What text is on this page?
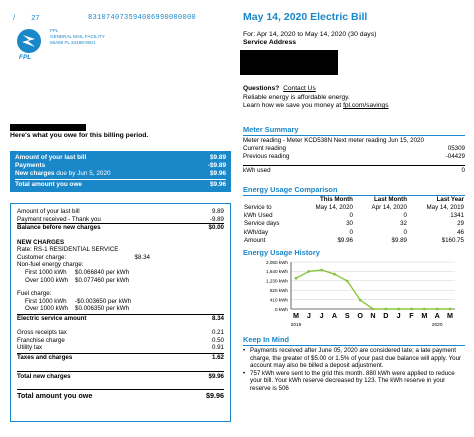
/ 27	831074073594006990000000
FPL
FPL
GENERAL MAIL FACILITY
MIAMI FL 33188-0001
May 14, 2020 Electric Bill
For: Apr 14, 2020 to May 14, 2020 (30 days)
Service Address
Questions? Contact Us
Reliable energy is affordable energy.
Learn how we save you money at fpl.com/savings
Here's what you owe for this billing period.
Amount of your last bill	$9.89
Payments	-$9.89
New charges due by Jun 5, 2020	$9.96
Total amount you owe	$9.96
Amount of your last bill	9.89
Payment received - Thank you	-9.89
Balance before new charges	$0.00
NEW CHARGES
Rate: RS-1 RESIDENTIAL SERVICE
Customer charge:	$8.34
Non-fuel energy charge:
First 1000 kWh	$0.066840 per kWh
Over 1000 kWh	$0.077460 per kWh
Fuel charge:
First 1000 kWh	-$0.003650 per kWh
Over 1000 kWh	$0.006350 per kWh
Electric service amount	8.34
Gross receipts tax	0.21
Franchise charge	0.50
Utility tax	0.91
Taxes and charges	1.62
Total new charges	$9.96
Total amount you owe	$9.96
Meter Summary
Meter reading - Meter KCD538N Next meter reading Jun 15, 2020
Current reading	05309
Previous reading	-04429
kWh used	0
Energy Usage Comparison
	This Month	Last Month	Last Year
Service to	May 14, 2020	Apr 14, 2020	May 14, 2019
kWh Used	0	0	1341
Service days	30	32	29
kWh/day	0	0	46
Amount	$9.96	$9.89	$160.75
Energy Usage History
2,050 kWh
1,640 kWh
1,230 kWh
820 kWh
410 kWh
0 kWh
M J J A S O N D J F M A M
2019	2020
Keep In Mind
• Payments received after June 05, 2020 are considered late; a late payment charge, the greater of $5.00 or 1.5% of your past due balance will apply. Your account may also be billed a deposit adjustment.
• 757 kWh were sent to the grid this month. 880 kWh were applied to reduce your bill. Your kWh reserve decreased by 123. The kWh reserve in your reserve is 506
